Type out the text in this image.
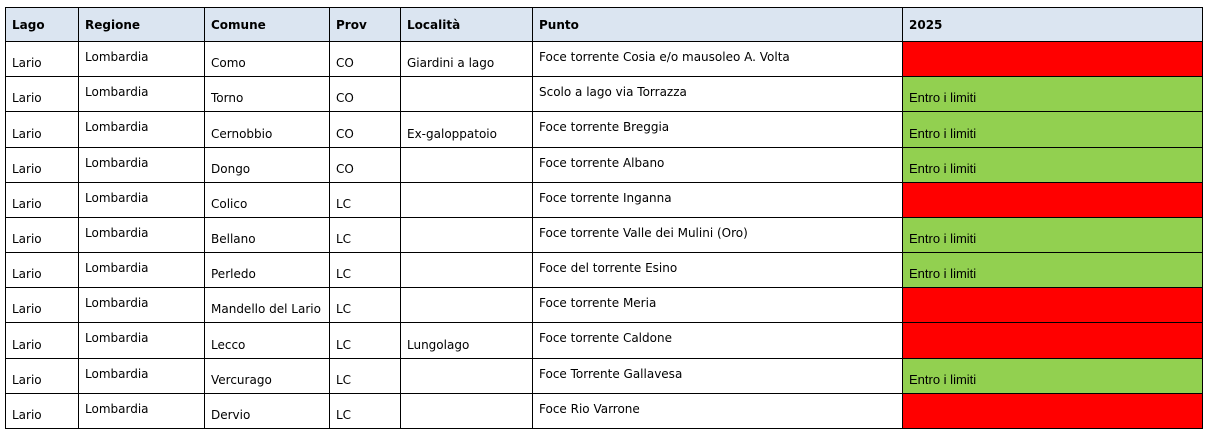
Lago	Regione	Comune	Prov	Località	Punto	2025
Lario	Lombardia	Como	CO	Giardini a lago	Foce torrente Cosia e/o mausoleo A. Volta	Fortemente inquinato
Lario	Lombardia	Torno	CO		Scolo a lago via Torrazza	Entro i limiti
Lario	Lombardia	Cernobbio	CO	Ex-galoppatoio	Foce torrente Breggia	Entro i limiti
Lario	Lombardia	Dongo	CO		Foce torrente Albano	Entro i limiti
Lario	Lombardia	Colico	LC		Foce torrente Inganna	Fortemente inquinato
Lario	Lombardia	Bellano	LC		Foce torrente Valle dei Mulini (Oro)	Entro i limiti
Lario	Lombardia	Perledo	LC		Foce del torrente Esino	Entro i limiti
Lario	Lombardia	Mandello del Lario	LC		Foce torrente Meria	Fortemente inquinato
Lario	Lombardia	Lecco	LC	Lungolago	Foce torrente Caldone	Fortemente inquinato
Lario	Lombardia	Vercurago	LC		Foce Torrente Gallavesa	Entro i limiti
Lario	Lombardia	Dervio	LC		Foce Rio Varrone	Fortemente inquinato
